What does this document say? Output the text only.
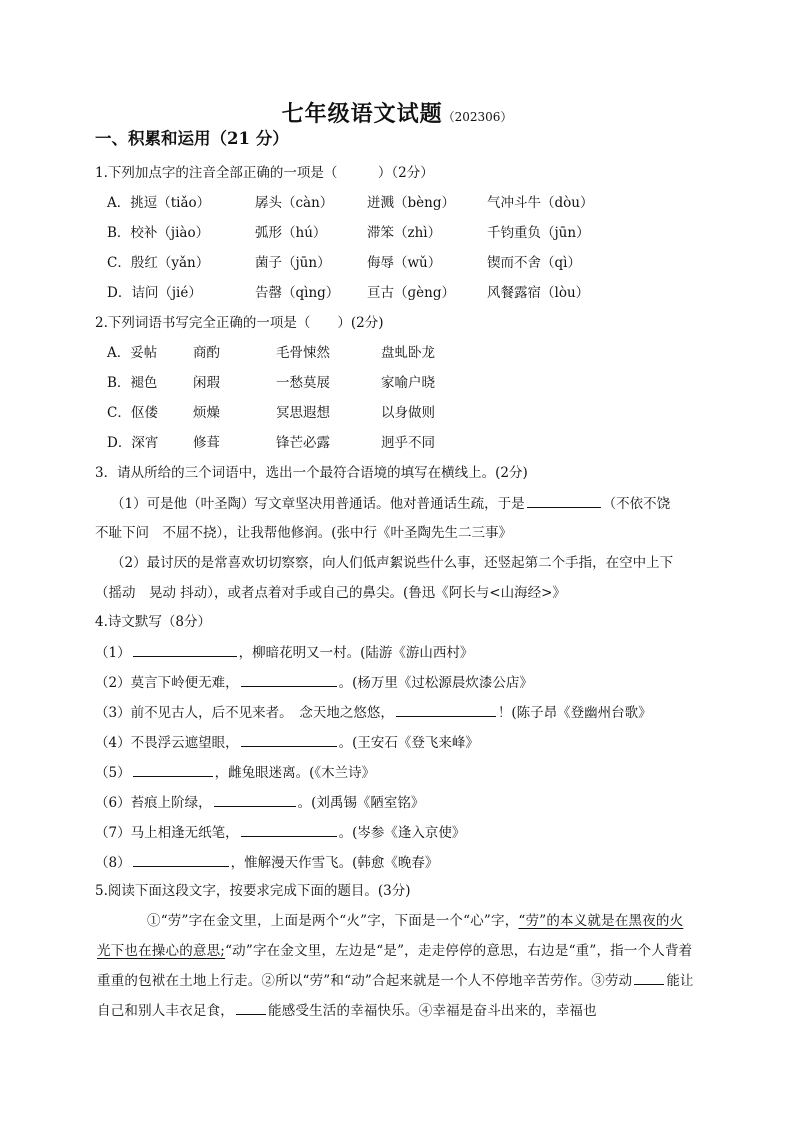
七年级语文试题（202306）
一、积累和运用（21 分）
1.下列加点字的注音全部正确的一项是（　　　）（2分）
A．挑逗（tiǎo）	孱头（càn） 迸溅（bèng） 气冲斗牛（dòu）
B．校补（jiào）	弧形（hú）	滞笨（zhì）	千钧重负（jūn）
C．殷红（yǎn）	菌子（jūn）	侮辱（wǔ）	锲而不舍（qì）
D．诘问（jié）	告罄（qìng） 亘古（ɡèng） 风餐露宿（lòu）
2.下列词语书写完全正确的一项是（　　）(2分)
A．妥帖	商酌	毛骨悚然	盘虬卧龙
B．褪色	闲瑕	一愁莫展	家喻户晓
C．伛偻	烦燥	冥思遐想	以身做则
D．深宵	修葺	锋芒必露	迥乎不同
3．请从所给的三个词语中，选出一个最符合语境的填写在横线上。(2分)
（1）可是他（叶圣陶）写文章坚决用普通话。他对普通话生疏，于是	（不依不饶
不耻下问　不屈不挠），让我帮他修润。(张中行《叶圣陶先生二三事》
（2）最讨厌的是常喜欢切切察察，向人们低声絮说些什么事，还竖起第二个手指，在空中上下
（摇动　晃动 抖动），或者点着对手或自己的鼻尖。(鲁迅《阿长与<山海经>》
4.诗文默写（8分）
（1）	，柳暗花明又一村。(陆游《游山西村》
（2）莫言下岭便无难，	。(杨万里《过松源晨炊漆公店》
（3）前不见古人，后不见来者。　念天地之悠悠，	！(陈子昂《登幽州台歌》
（4）不畏浮云遮望眼，	。(王安石《登飞来峰》
（5）	，雌兔眼迷离。(《木兰诗》
（6）苔痕上阶绿，	。(刘禹锡《陋室铭》
（7）马上相逢无纸笔，	。(岑参《逢入京使》
（8）	，惟解漫天作雪飞。(韩愈《晚春》
5.阅读下面这段文字，按要求完成下面的题目。(3分)
①“劳”字在金文里，上面是两个“火”字，下面是一个“心”字，“劳”的本义就是在黑夜的火光下也在操心的意思;“动”字在金文里，左边是“是”，走走停停的意思，右边是“重”，指一个人背着重重的包袱在土地上行走。②所以“劳”和“动”合起来就是一个人不停地辛苦劳作。③劳动	能让自己和别人丰衣足食，	能感受生活的幸福快乐。④幸福是奋斗出来的，幸福也
